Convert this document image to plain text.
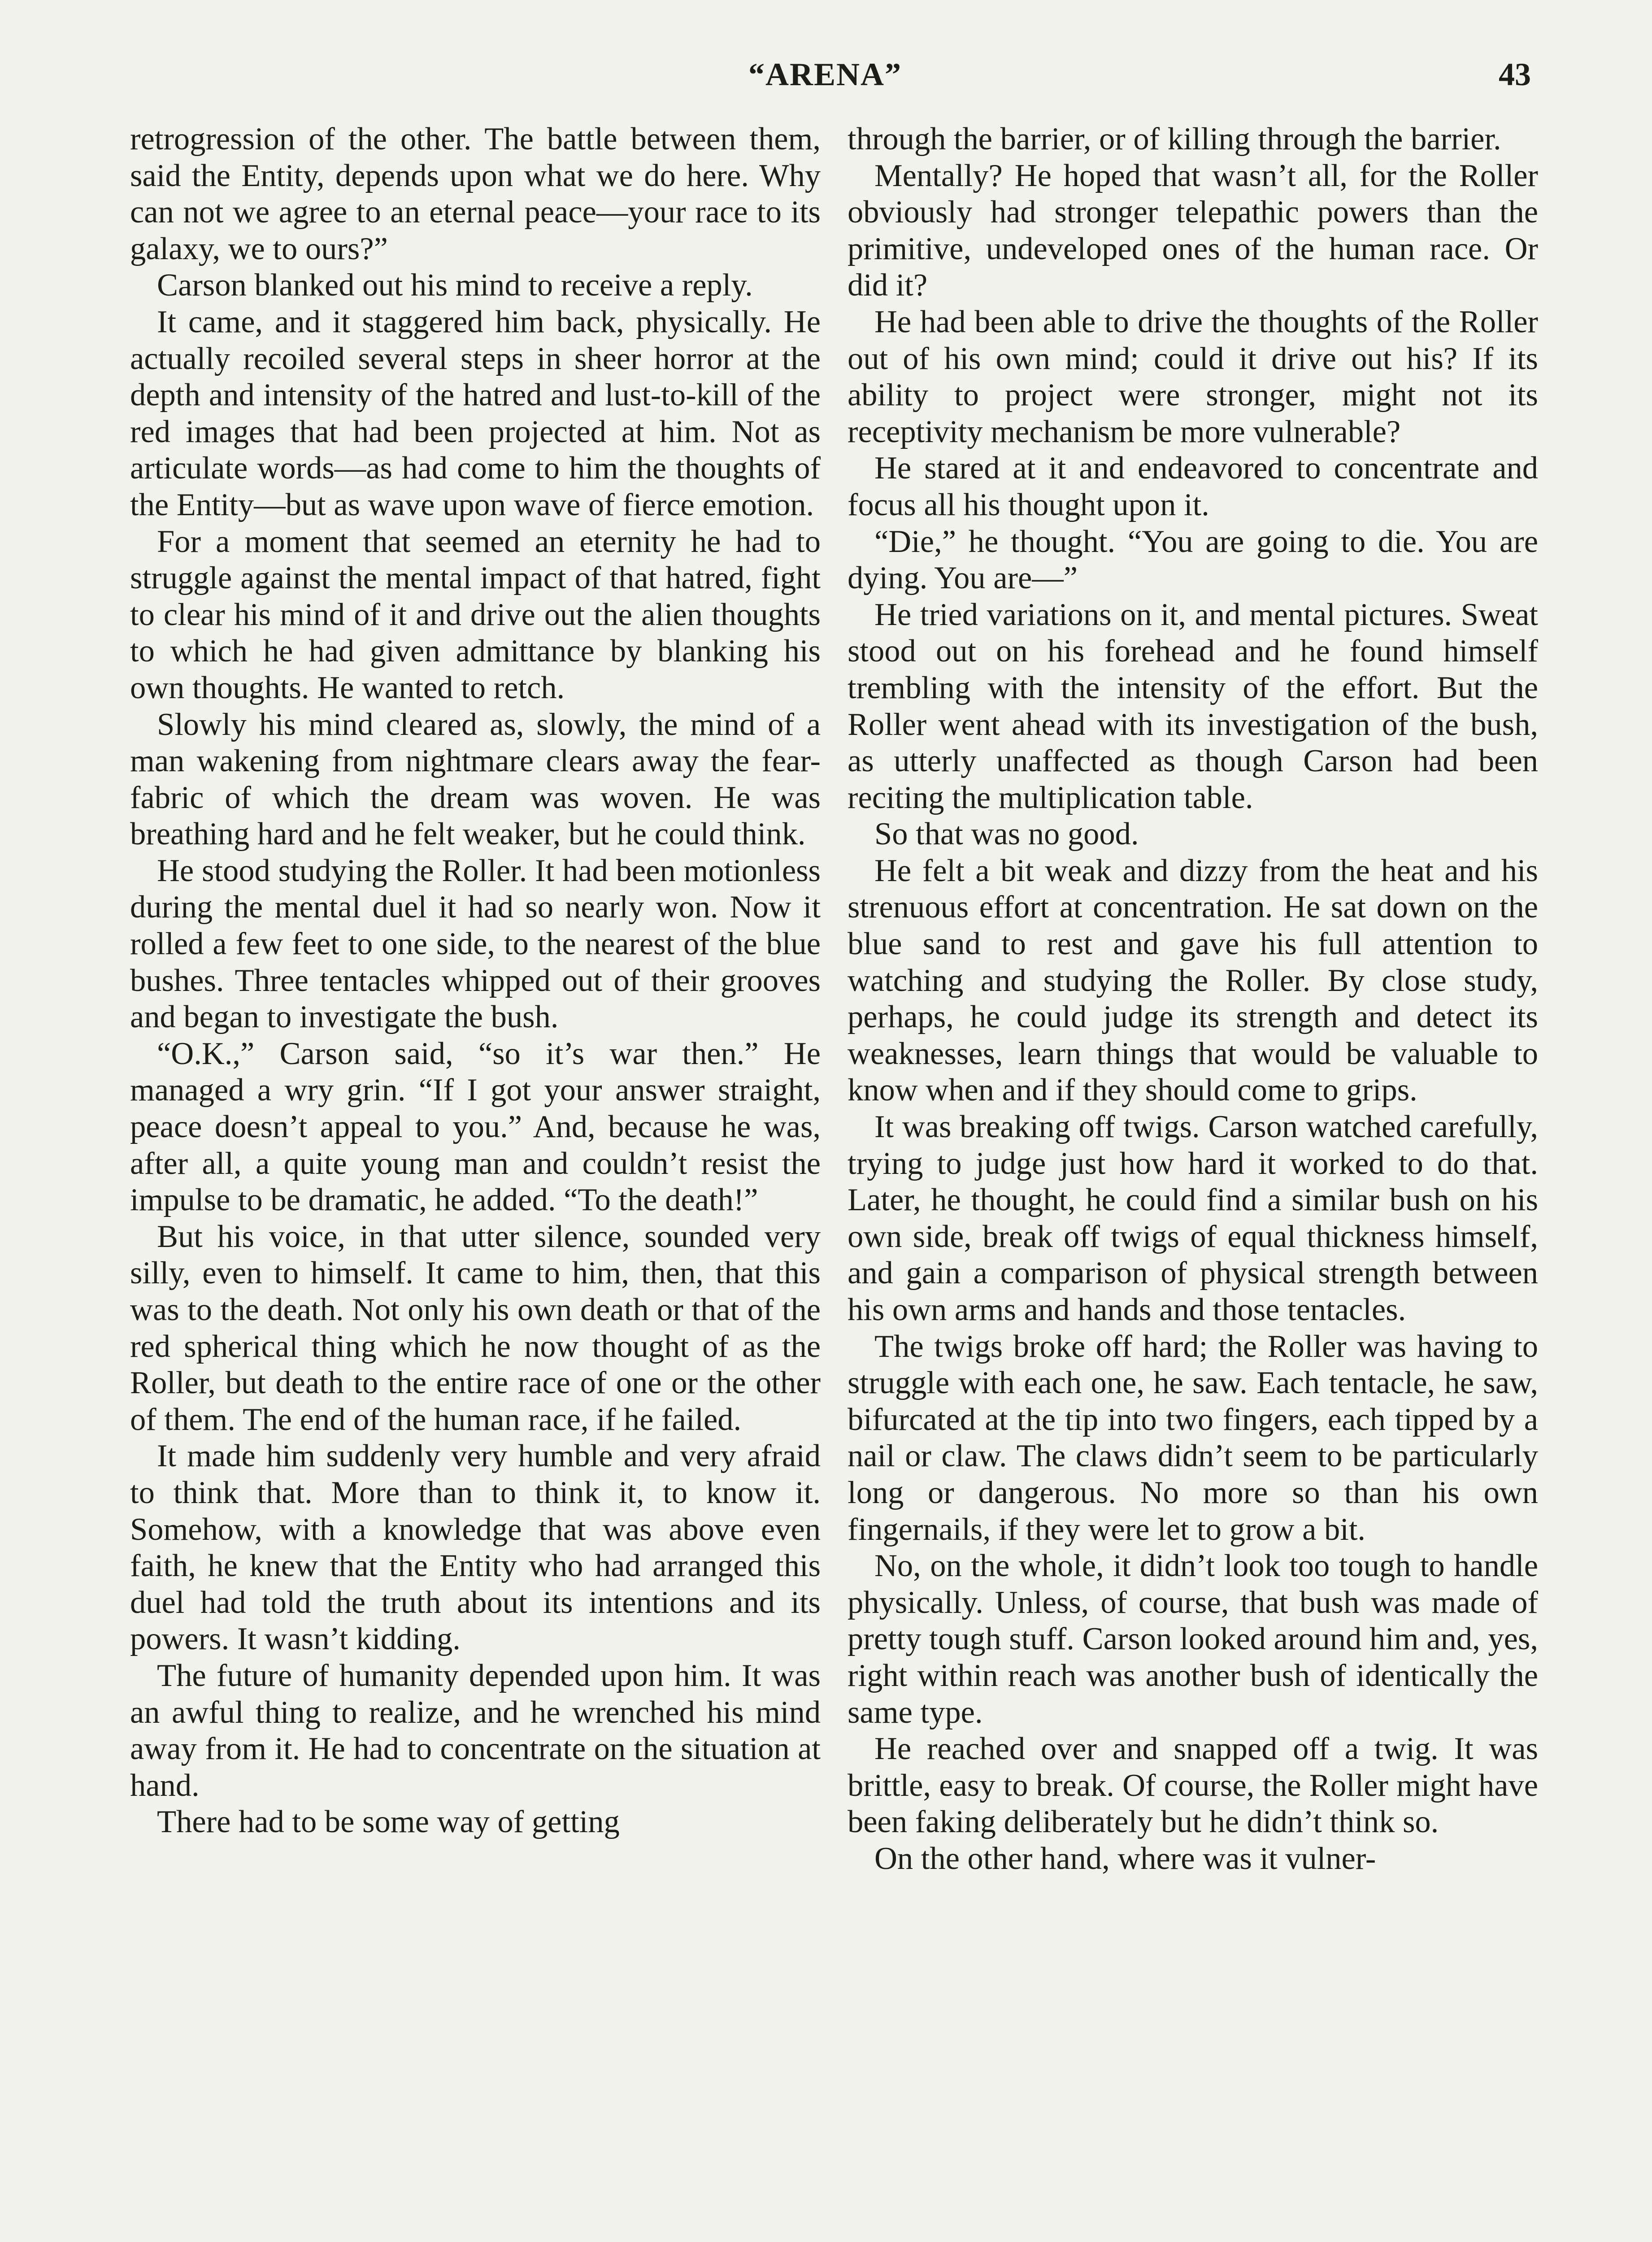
“ARENA”	43

retrogression of the other. The battle between them, said the Entity, depends upon what we do here. Why can not we agree to an eternal peace—your race to its galaxy, we to ours?”

Carson blanked out his mind to receive a reply.

It came, and it staggered him back, physically. He actually recoiled several steps in sheer horror at the depth and intensity of the hatred and lust-to-kill of the red images that had been projected at him. Not as articulate words—as had come to him the thoughts of the Entity—but as wave upon wave of fierce emotion.

For a moment that seemed an eternity he had to struggle against the mental impact of that hatred, fight to clear his mind of it and drive out the alien thoughts to which he had given admittance by blanking his own thoughts. He wanted to retch.

Slowly his mind cleared as, slowly, the mind of a man wakening from nightmare clears away the fear-fabric of which the dream was woven. He was breathing hard and he felt weaker, but he could think.

He stood studying the Roller. It had been motionless during the mental duel it had so nearly won. Now it rolled a few feet to one side, to the nearest of the blue bushes. Three tentacles whipped out of their grooves and began to investigate the bush.

“O.K.,” Carson said, “so it’s war then.” He managed a wry grin. “If I got your answer straight, peace doesn’t appeal to you.” And, because he was, after all, a quite young man and couldn’t resist the impulse to be dramatic, he added. “To the death!”

But his voice, in that utter silence, sounded very silly, even to himself. It came to him, then, that this was to the death. Not only his own death or that of the red spherical thing which he now thought of as the Roller, but death to the entire race of one or the other of them. The end of the human race, if he failed.

It made him suddenly very humble and very afraid to think that. More than to think it, to know it. Somehow, with a knowledge that was above even faith, he knew that the Entity who had arranged this duel had told the truth about its intentions and its powers. It wasn’t kidding.

The future of humanity depended upon him. It was an awful thing to realize, and he wrenched his mind away from it. He had to concentrate on the situation at hand.

There had to be some way of getting

through the barrier, or of killing through the barrier.

Mentally? He hoped that wasn’t all, for the Roller obviously had stronger telepathic powers than the primitive, undeveloped ones of the human race. Or did it?

He had been able to drive the thoughts of the Roller out of his own mind; could it drive out his? If its ability to project were stronger, might not its receptivity mechanism be more vulnerable?

He stared at it and endeavored to concentrate and focus all his thought upon it.

“Die,” he thought. “You are going to die. You are dying. You are—”

He tried variations on it, and mental pictures. Sweat stood out on his forehead and he found himself trembling with the intensity of the effort. But the Roller went ahead with its investigation of the bush, as utterly unaffected as though Carson had been reciting the multiplication table.

So that was no good.

He felt a bit weak and dizzy from the heat and his strenuous effort at concentration. He sat down on the blue sand to rest and gave his full attention to watching and studying the Roller. By close study, perhaps, he could judge its strength and detect its weaknesses, learn things that would be valuable to know when and if they should come to grips.

It was breaking off twigs. Carson watched carefully, trying to judge just how hard it worked to do that. Later, he thought, he could find a similar bush on his own side, break off twigs of equal thickness himself, and gain a comparison of physical strength between his own arms and hands and those tentacles.

The twigs broke off hard; the Roller was having to struggle with each one, he saw. Each tentacle, he saw, bifurcated at the tip into two fingers, each tipped by a nail or claw. The claws didn’t seem to be particularly long or dangerous. No more so than his own fingernails, if they were let to grow a bit.

No, on the whole, it didn’t look too tough to handle physically. Unless, of course, that bush was made of pretty tough stuff. Carson looked around him and, yes, right within reach was another bush of identically the same type.

He reached over and snapped off a twig. It was brittle, easy to break. Of course, the Roller might have been faking deliberately but he didn’t think so.

On the other hand, where was it vulner-
